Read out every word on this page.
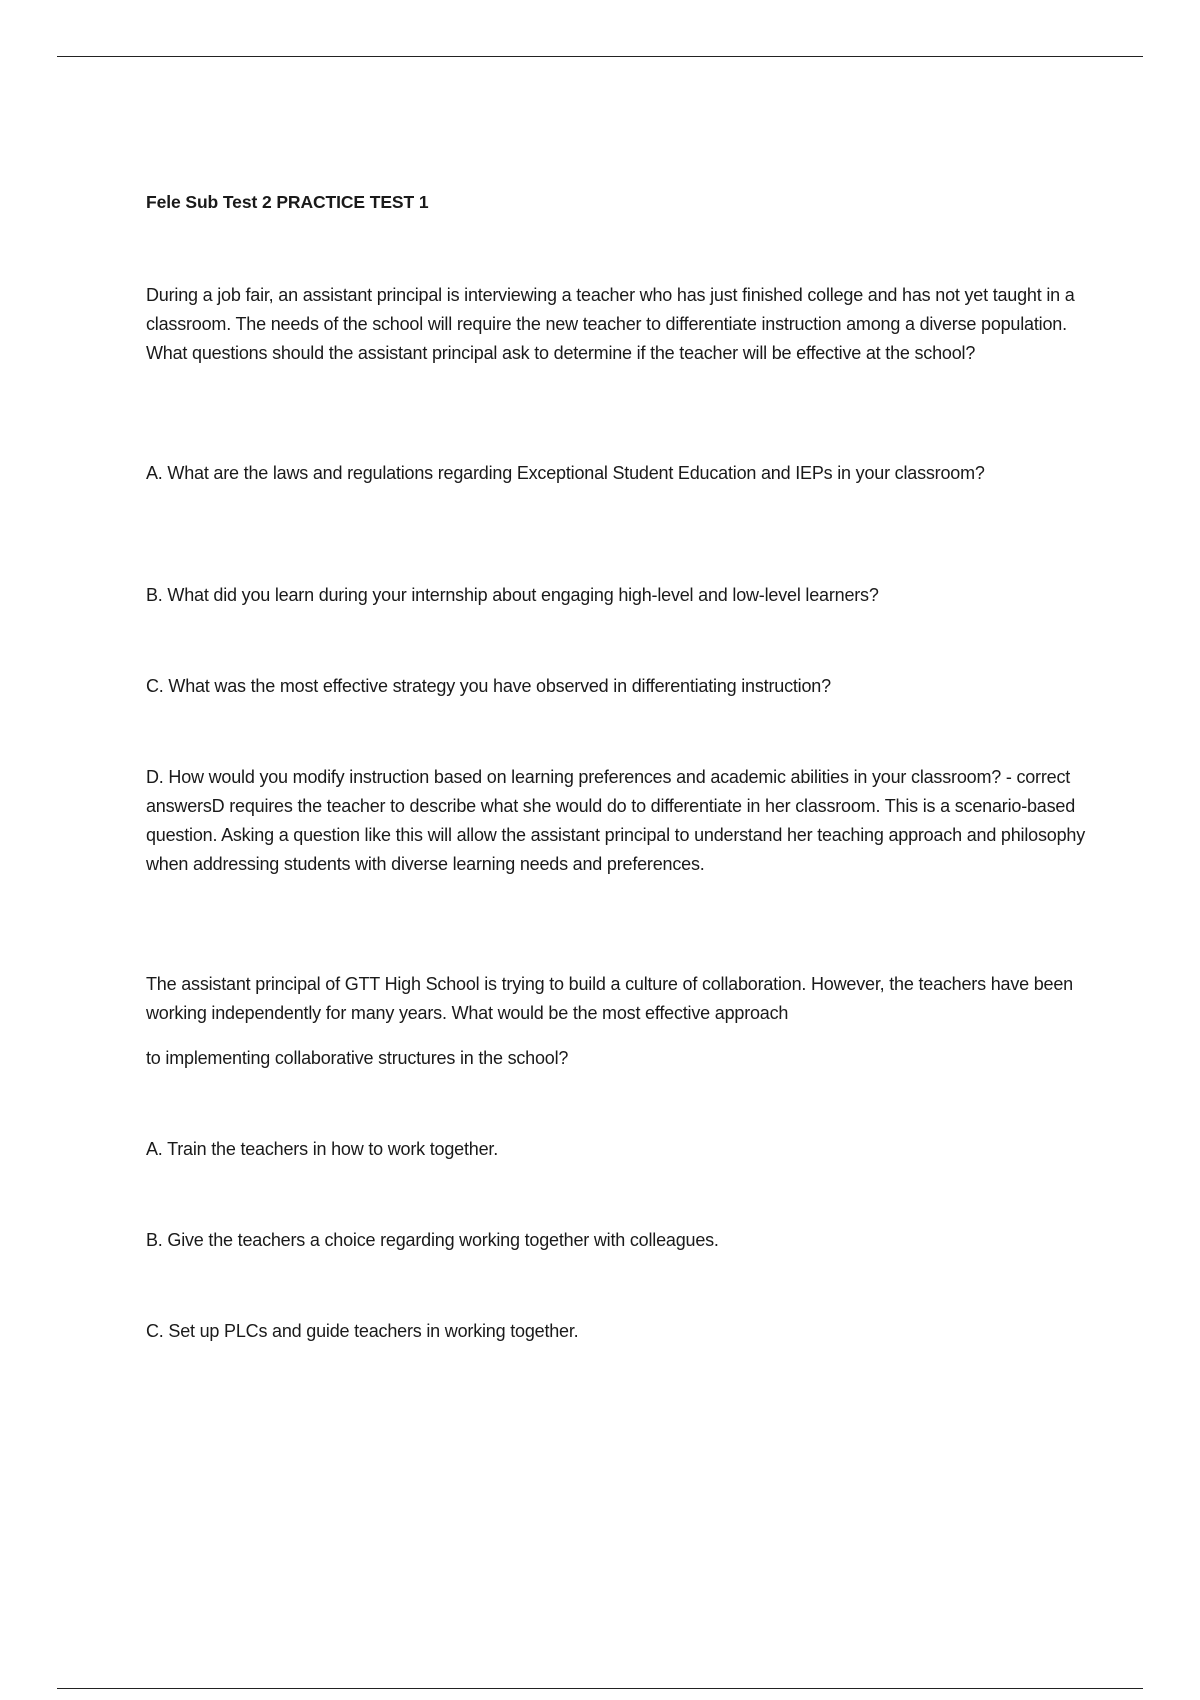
Fele Sub Test 2 PRACTICE TEST 1

During a job fair, an assistant principal is interviewing a teacher who has just finished college and has not yet taught in a classroom. The needs of the school will require the new teacher to differentiate instruction among a diverse population. What questions should the assistant principal ask to determine if the teacher will be effective at the school?

A. What are the laws and regulations regarding Exceptional Student Education and IEPs in your classroom?

B. What did you learn during your internship about engaging high-level and low-level learners?

C. What was the most effective strategy you have observed in differentiating instruction?

D. How would you modify instruction based on learning preferences and academic abilities in your classroom? - correct answersD requires the teacher to describe what she would do to differentiate in her classroom. This is a scenario-based question. Asking a question like this will allow the assistant principal to understand her teaching approach and philosophy when addressing students with diverse learning needs and preferences.

The assistant principal of GTT High School is trying to build a culture of collaboration. However, the teachers have been working independently for many years. What would be the most effective approach

to implementing collaborative structures in the school?

A. Train the teachers in how to work together.

B. Give the teachers a choice regarding working together with colleagues.

C. Set up PLCs and guide teachers in working together.
